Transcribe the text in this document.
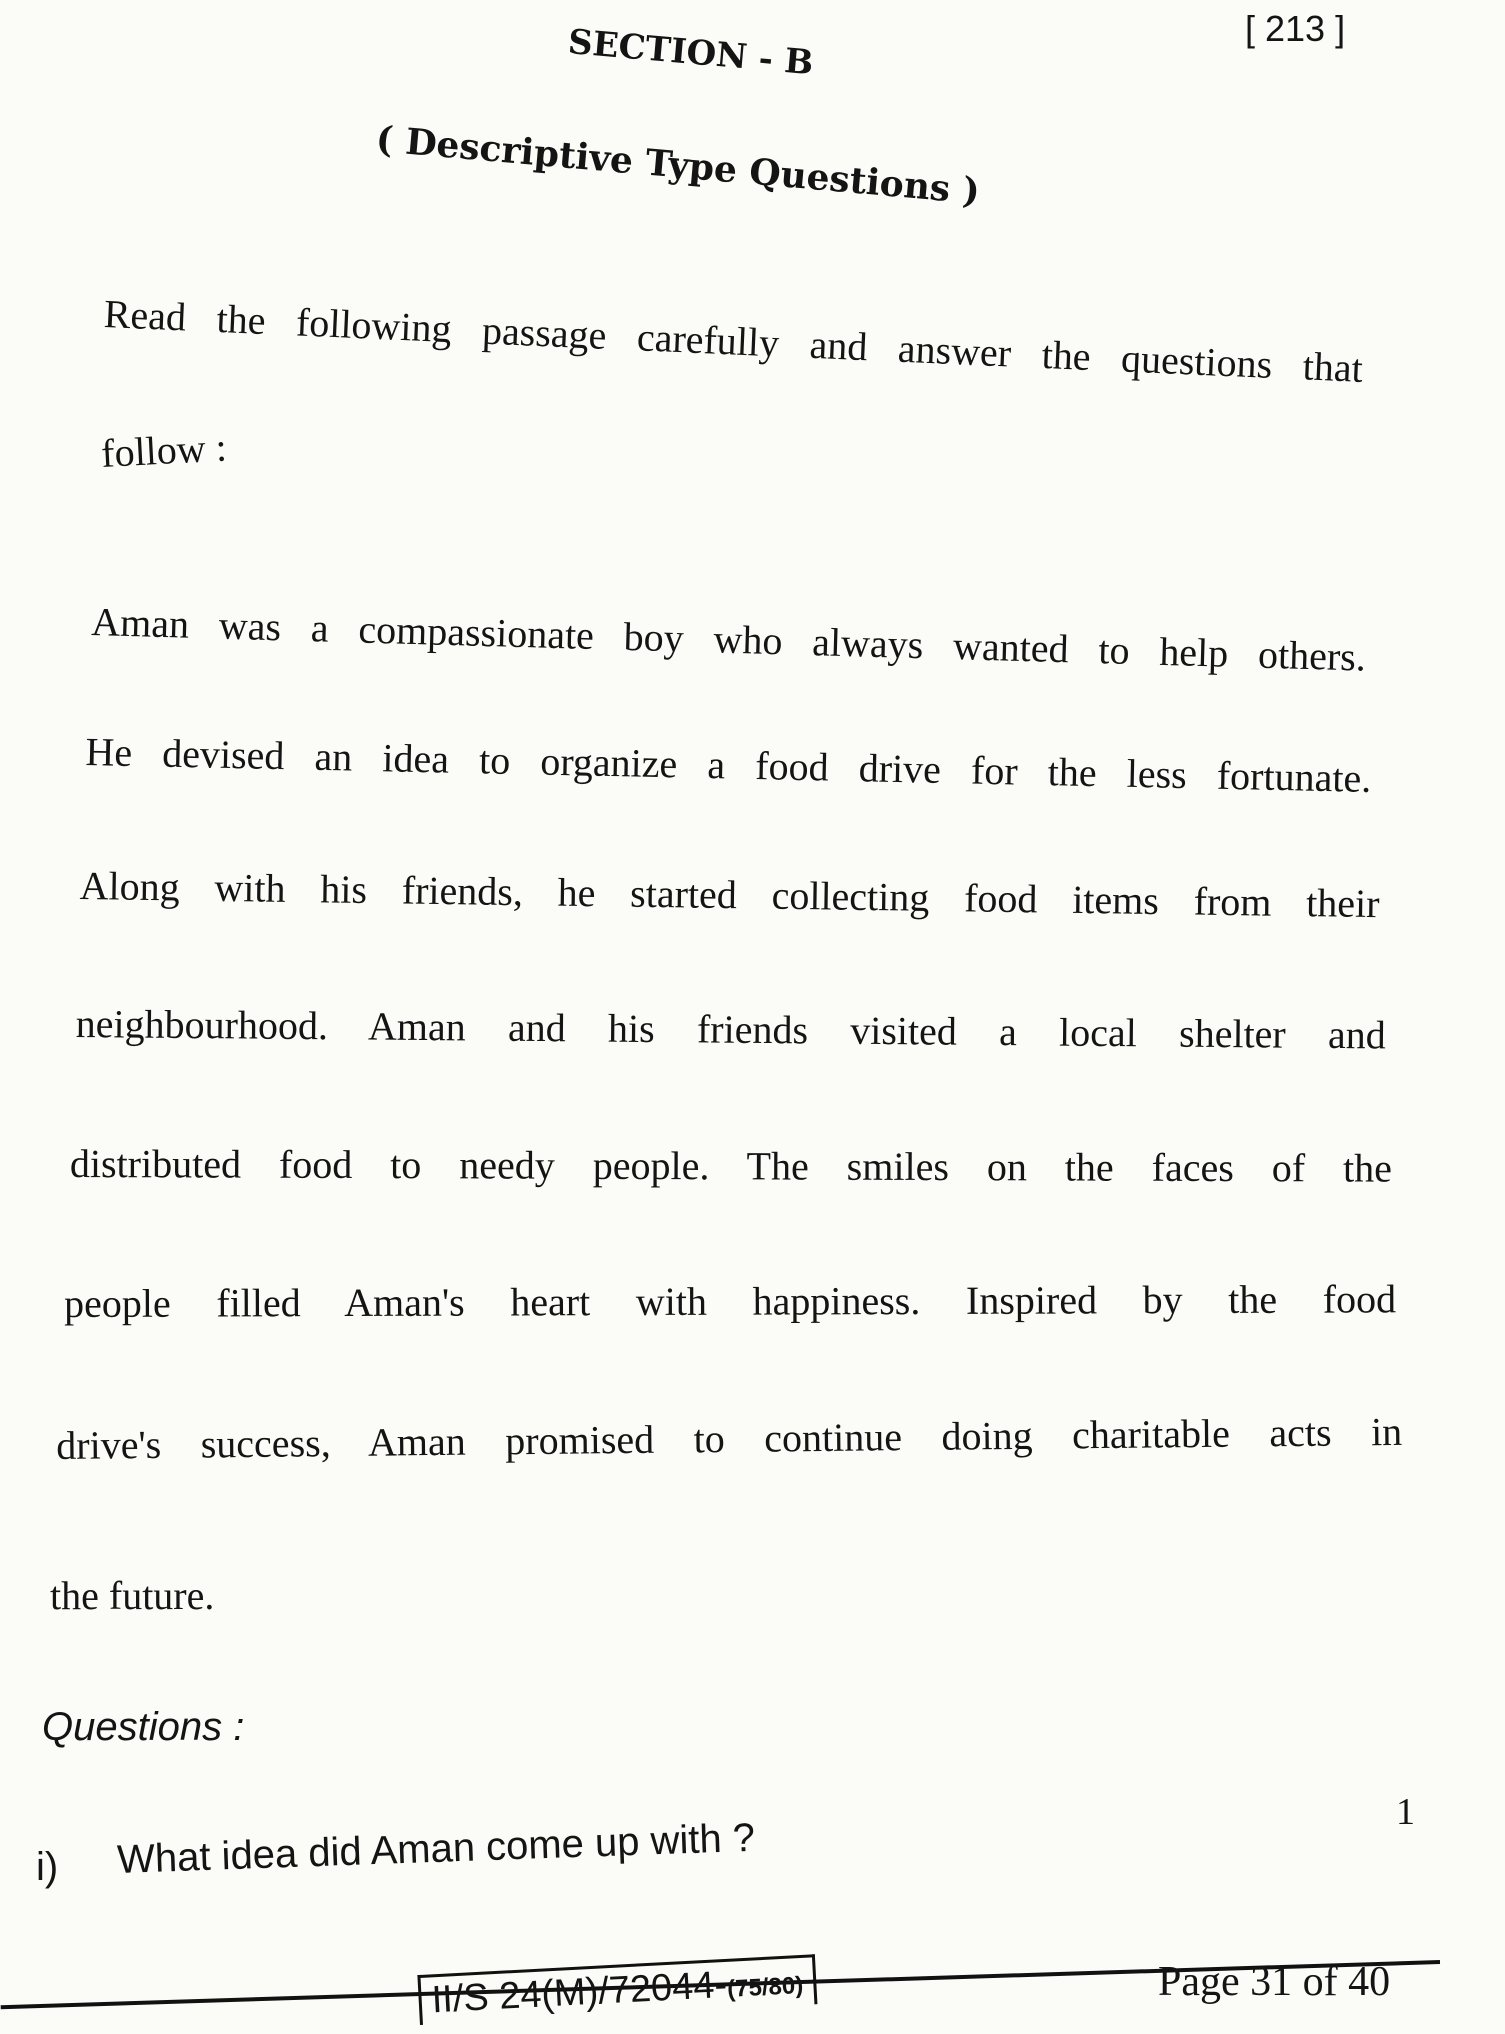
[ 213 ]
SECTION - B
( Descriptive Type Questions )
Read the following passage carefully and answer the questions that
follow :
Aman was a compassionate boy who always wanted to help others.
He devised an idea to organize a food drive for the less fortunate.
Along with his friends, he started collecting food items from their
neighbourhood. Aman and his friends visited a local shelter and
distributed food to needy people. The smiles on the faces of the
people filled Aman's heart with happiness. Inspired by the food
drive's success, Aman promised to continue doing charitable acts in
the future.
Questions :
i) What idea did Aman come up with ?
1
II/S 24(M)/72044-(75/80)	Page 31 of 40
